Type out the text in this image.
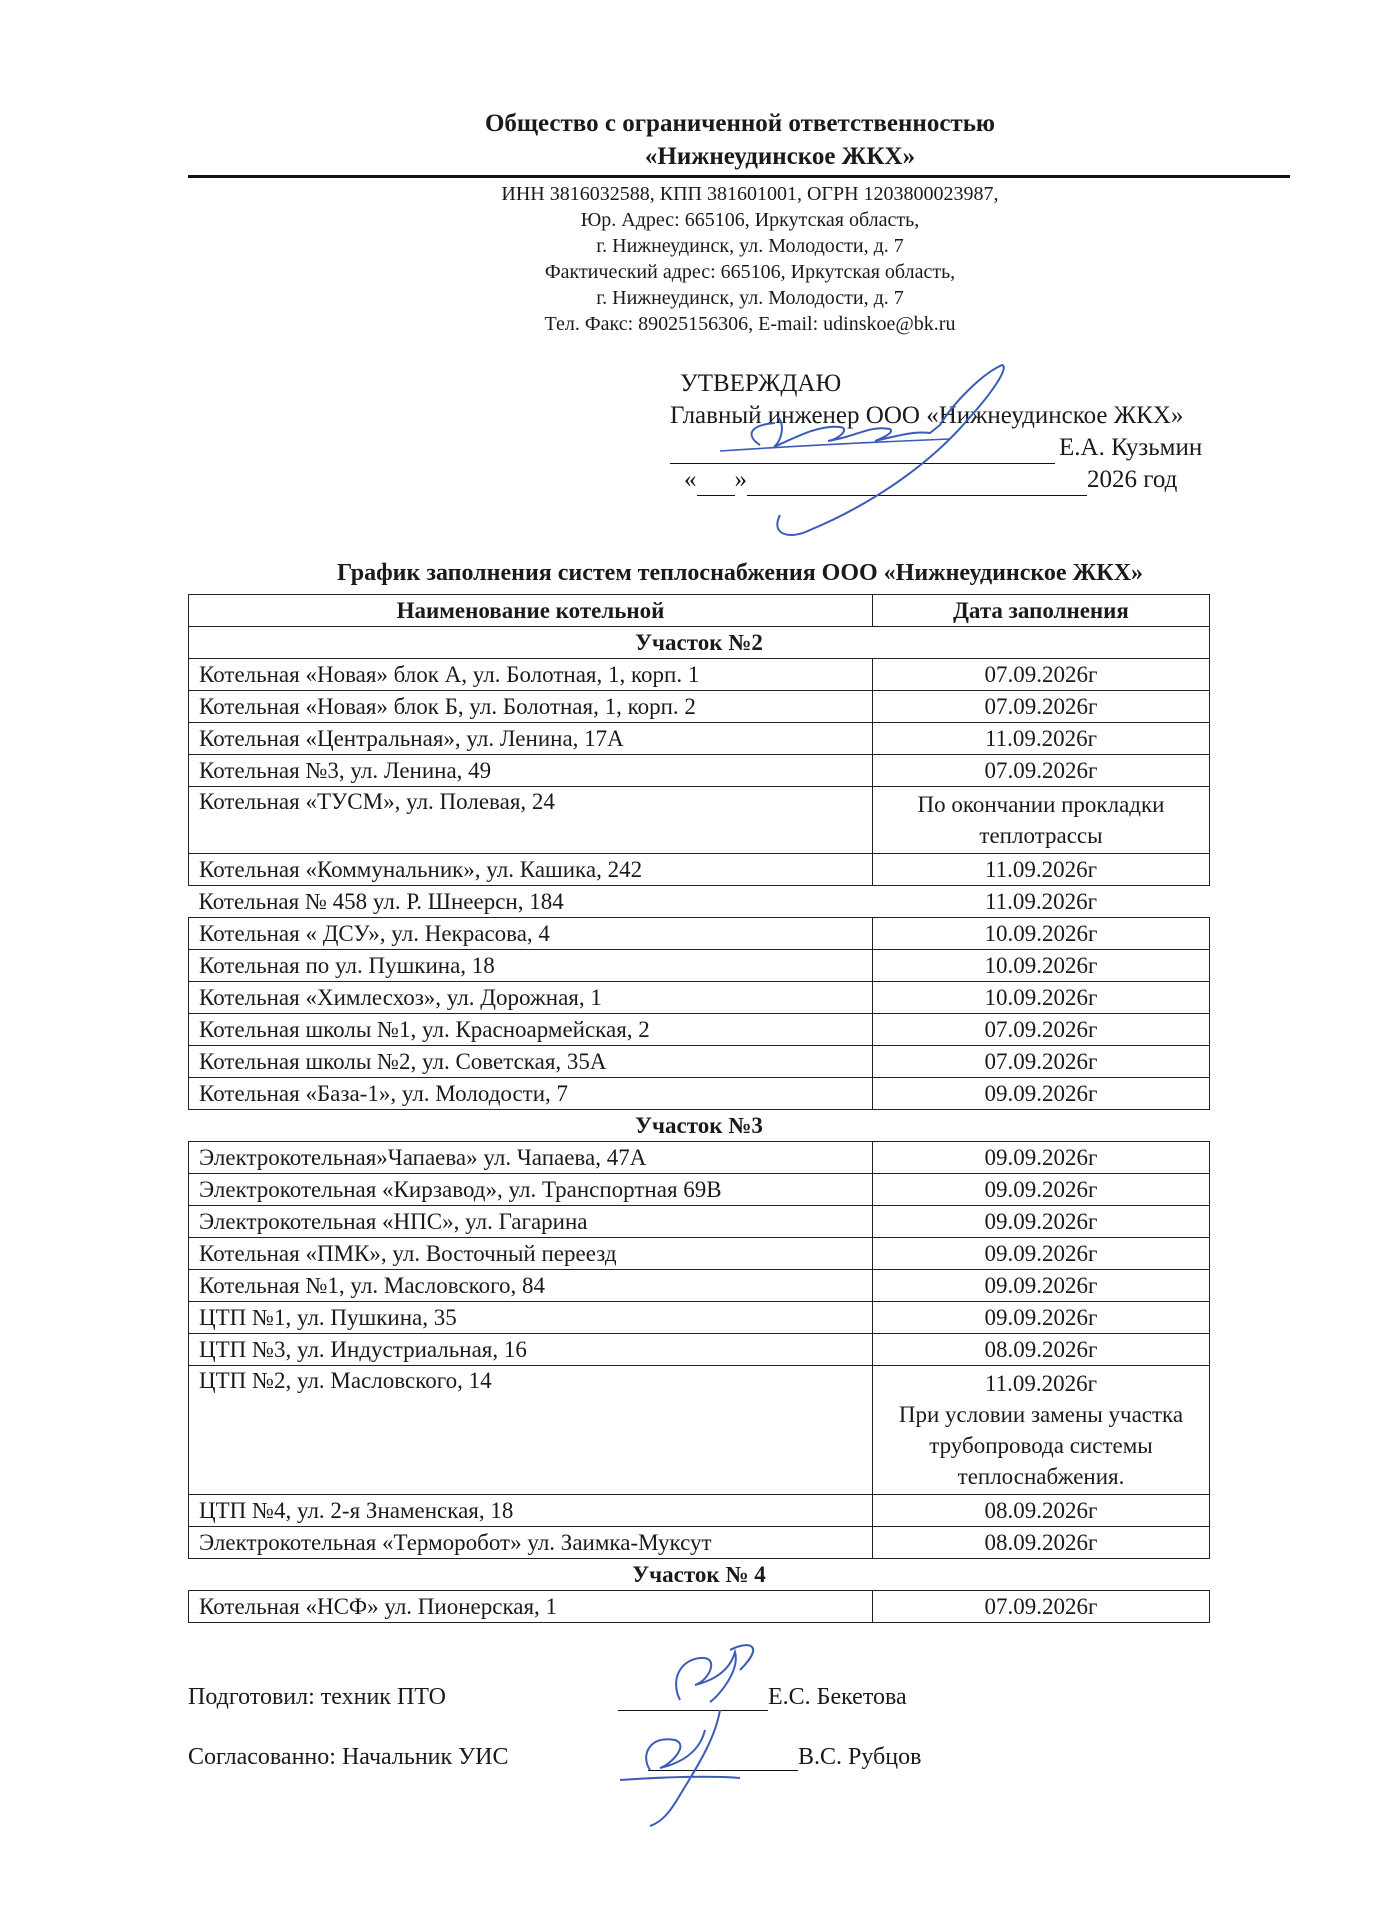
Общество с ограниченной ответственностью
«Нижнеудинское ЖКХ»
ИНН 3816032588, КПП 381601001, ОГРН 1203800023987,
Юр. Адрес: 665106, Иркутская область,
г. Нижнеудинск, ул. Молодости, д. 7
Фактический адрес: 665106, Иркутская область,
г. Нижнеудинск, ул. Молодости, д. 7
Тел. Факс: 89025156306, E-mail: udinskoe@bk.ru
УТВЕРЖДАЮ
Главный инженер ООО «Нижнеудинское ЖКХ»
Е.А. Кузьмин
« »	2026 год
График заполнения систем теплоснабжения ООО «Нижнеудинское ЖКХ»
Наименование котельной	Дата заполнения
Участок №2	
Котельная «Новая» блок А, ул. Болотная, 1, корп. 1	07.09.2026г
Котельная «Новая» блок Б, ул. Болотная, 1, корп. 2	07.09.2026г
Котельная «Центральная», ул. Ленина, 17А	11.09.2026г
Котельная №3, ул. Ленина, 49	07.09.2026г
Котельная «ТУСМ», ул. Полевая, 24	По окончании прокладки теплотрассы
Котельная «Коммунальник», ул. Кашика, 242	11.09.2026г
Котельная № 458 ул. Р. Шнеерсн, 184	11.09.2026г
Котельная « ДСУ», ул. Некрасова, 4	10.09.2026г
Котельная по ул. Пушкина, 18	10.09.2026г
Котельная «Химлесхоз», ул. Дорожная, 1	10.09.2026г
Котельная школы №1, ул. Красноармейская, 2	07.09.2026г
Котельная школы №2, ул. Советская, 35А	07.09.2026г
Котельная «База-1», ул. Молодости, 7	09.09.2026г
Участок №3	
Электрокотельная»Чапаева» ул. Чапаева, 47А	09.09.2026г
Электрокотельная «Кирзавод», ул. Транспортная 69В	09.09.2026г
Электрокотельная «НПС», ул. Гагарина	09.09.2026г
Котельная «ПМК», ул. Восточный переезд	09.09.2026г
Котельная №1, ул. Масловского, 84	09.09.2026г
ЦТП №1, ул. Пушкина, 35	09.09.2026г
ЦТП №3, ул. Индустриальная, 16	08.09.2026г
ЦТП №2, ул. Масловского, 14	11.09.2026г
При условии замены участка трубопровода системы теплоснабжения.

ЦТП №4, ул. 2-я Знаменская, 18	08.09.2026г
Электрокотельная «Терморобот» ул. Заимка-Муксут	08.09.2026г
Участок № 4	
Котельная «НСФ» ул. Пионерская, 1	07.09.2026г
Подготовил: техник ПТО	Е.С. Бекетова
Согласованно: Начальник УИС	В.С. Рубцов
